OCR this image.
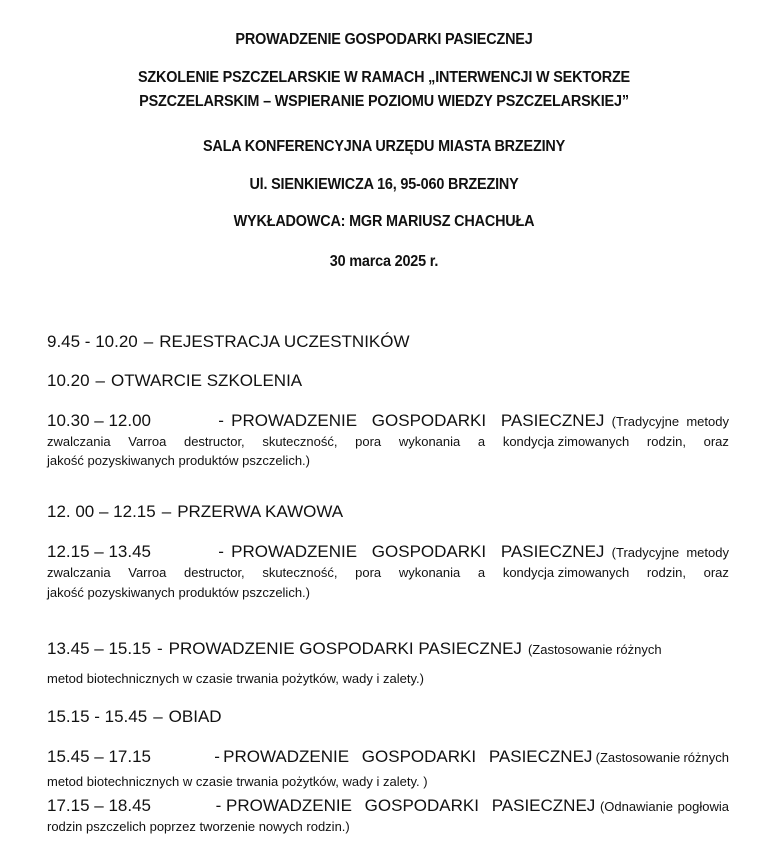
PROWADZENIE GOSPODARKI PASIECZNEJ
SZKOLENIE PSZCZELARSKIE W RAMACH „INTERWENCJI W SEKTORZE
PSZCZELARSKIM – WSPIERANIE POZIOMU WIEDZY PSZCZELARSKIEJ”
SALA KONFERENCYJNA URZĘDU MIASTA BRZEZINY
Ul. SIENKIEWICZA 16, 95-060 BRZEZINY
WYKŁADOWCA: MGR MARIUSZ CHACHUŁA
30 marca 2025 r.
9.45 - 10.20 – REJESTRACJA UCZESTNIKÓW
10.20 – OTWARCIE SZKOLENIA
10.30 – 12.00	- PROWADZENIE GOSPODARKI PASIECZNEJ (Tradycyjne metody
zwalczania Varroa destructor, skuteczność, pora wykonania a kondycja zimowanych rodzin, oraz
jakość pozyskiwanych produktów pszczelich.)
12. 00 – 12.15 – PRZERWA KAWOWA
12.15 – 13.45	- PROWADZENIE GOSPODARKI PASIECZNEJ (Tradycyjne metody
zwalczania Varroa destructor, skuteczność, pora wykonania a kondycja zimowanych rodzin, oraz
jakość pozyskiwanych produktów pszczelich.)
13.45 – 15.15 - PROWADZENIE GOSPODARKI PASIECZNEJ (Zastosowanie różnych
metod biotechnicznych w czasie trwania pożytków, wady i zalety.)
15.15 - 15.45 – OBIAD
15.45 – 17.15	- PROWADZENIE GOSPODARKI PASIECZNEJ (Zastosowanie różnych
metod biotechnicznych w czasie trwania pożytków, wady i zalety. )
17.15 – 18.45	- PROWADZENIE GOSPODARKI PASIECZNEJ (Odnawianie pogłowia
rodzin pszczelich poprzez tworzenie nowych rodzin.)
